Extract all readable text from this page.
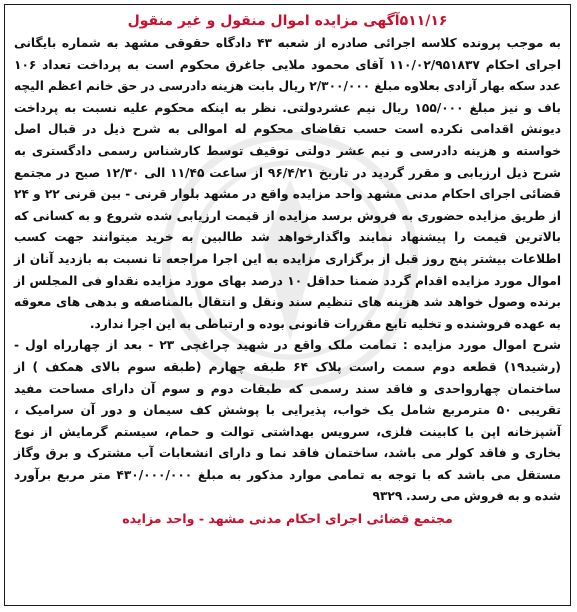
۵۱۱/۱۶آگهی مزایده اموال منقول و غیر منقول

به موجب پرونده کلاسه اجرائی صادره از شعبه ۴۳ دادگاه حقوقی مشهد به شماره بایگانی اجرای احکام ۱۱۰/۰۲/۹۵۱۸۳۷ آقای محمود ملایی جاغرق محکوم است به پرداخت تعداد ۱۰۶ عدد سکه بهار آزادی بعلاوه مبلغ ۲/۳۰۰/۰۰۰ ریال بابت هزینه دادرسی در حق خانم اعظم الیچه باف و نیز مبلغ ۱۵۵/۰۰۰ ریال نیم عشردولتی. نظر به اینکه محکوم علیه نسبت به پرداخت دیونش اقدامی نکرده است حسب تقاضای محکوم له اموالی به شرح ذیل در قبال اصل خواسته و هزینه دادرسی و نیم عشر دولتی توقیف توسط کارشناس رسمی دادگستری به شرح ذیل ارزیابی و مقرر گردید در تاریخ ۹۶/۴/۲۱ از ساعت ۱۱/۴۵ الی ۱۲/۳۰ صبح در مجتمع قضائی اجرای احکام مدنی مشهد واحد مزایده واقع در مشهد بلوار قرنی - بین قرنی ۲۲ و ۲۴ از طریق مزایده حضوری به فروش برسد مزایده از قیمت ارزیابی شده شروع و به کسانی که بالاترین قیمت را پیشنهاد نمایند واگذارخواهد شد طالبین به خرید میتوانند جهت کسب اطلاعات بیشتر پنج روز قبل از برگزاری مزایده به این اجرا مراجعه تا نسبت به بازدید آنان از اموال مورد مزایده اقدام گردد ضمنا حداقل ۱۰ درصد بهای مورد مزایده نقداو فی المجلس از برنده وصول خواهد شد هزینه های تنظیم سند ونقل و انتقال بالمناصفه و بدهی های معوقه به عهده فروشنده و تخلیه تابع مقررات قانونی بوده و ارتباطی به این اجرا ندارد.

شرح اموال مورد مزایده : تمامت ملک واقع در شهید چراغچی ۲۳ - بعد از چهارراه اول -(رشید۱۹) قطعه دوم سمت راست پلاک ۶۴ طبقه چهارم (طبقه سوم بالای همکف ) از ساختمان چهارواحدی و فاقد سند رسمی که طبقات دوم و سوم آن دارای مساحت مفید تقریبی ۵۰ مترمربع شامل یک خواب، پذیرایی با پوشش کف سیمان و دور آن سرامیک ، آشپزخانه اپن با کابینت فلزی، سرویس بهداشتی توالت و حمام، سیستم گرمایش از نوع بخاری و فاقد کولر می باشد، ساختمان فاقد نما و دارای انشعابات آب مشترک و برق وگاز مستقل می باشد که با توجه به تمامی موارد مذکور به مبلغ ۴۳۰/۰۰۰/۰۰۰ متر مربع برآورد شده و به فروش می رسد. ۹۳۲۹

مجتمع قضائی اجرای احکام مدنی مشهد - واحد مزایده
